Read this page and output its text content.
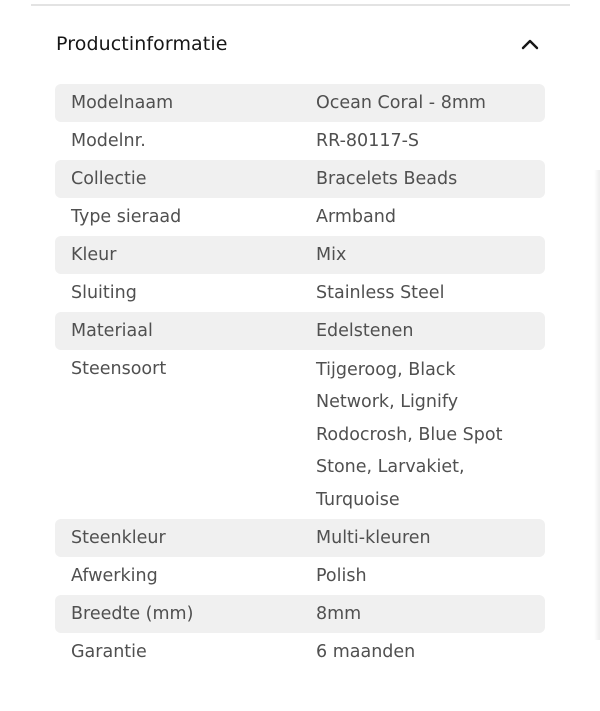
Productinformatie
Modelnaam	Ocean Coral - 8mm
Modelnr.	RR-80117-S
Collectie	Bracelets Beads
Type sieraad	Armband
Kleur	Mix
Sluiting	Stainless Steel
Materiaal	Edelstenen
Steensoort	Tijgeroog, Black Network, Lignify Rodocrosh, Blue Spot Stone, Larvakiet, Turquoise
Steenkleur	Multi-kleuren
Afwerking	Polish
Breedte (mm)	8mm
Garantie	6 maanden
